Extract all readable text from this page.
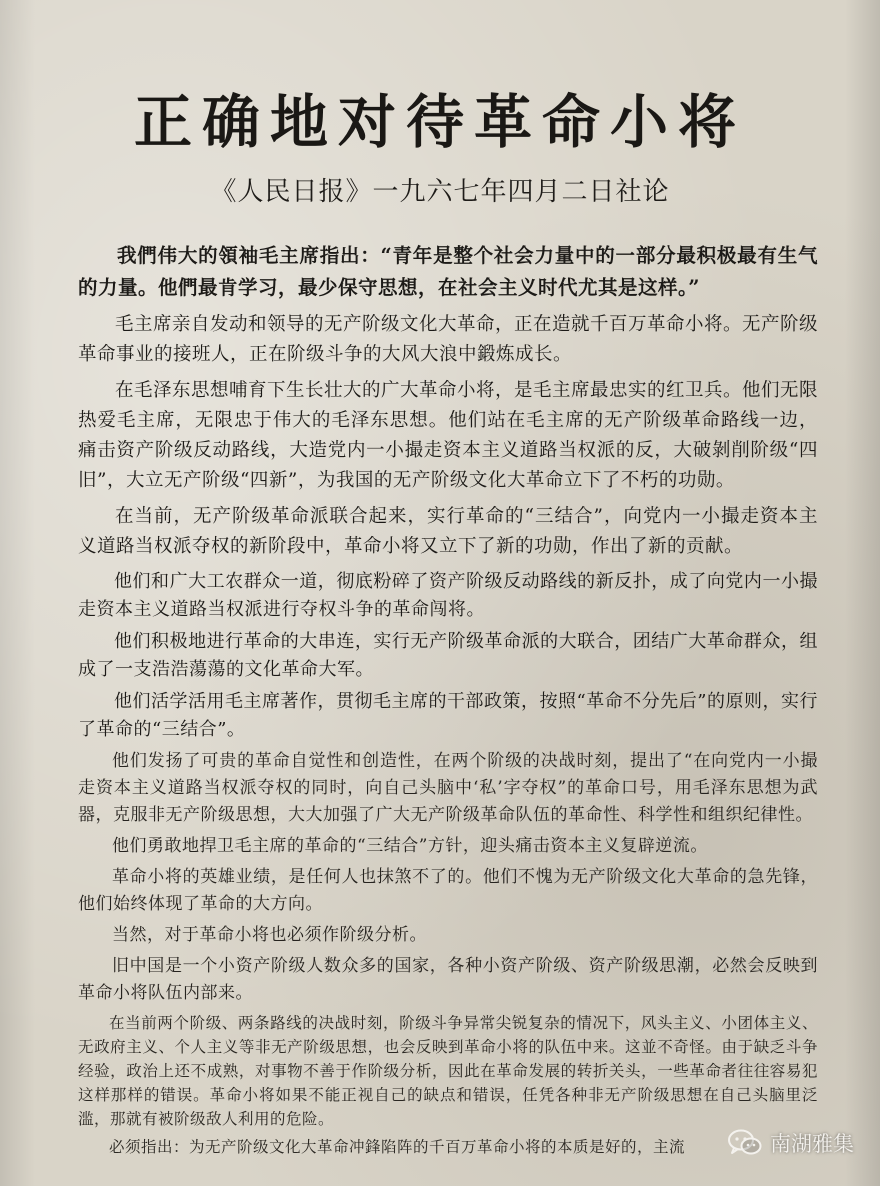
正确地对待革命小将
《人民日报》一九六七年四月二日社论

我們伟大的領袖毛主席指出：“青年是整个社会力量中的一部分最积极最有生气的力量。他們最肯学习，最少保守思想，在社会主义时代尤其是这样。”

毛主席亲自发动和领导的无产阶级文化大革命，正在造就千百万革命小将。无产阶级革命事业的接班人，正在阶级斗争的大风大浪中鍛炼成长。

在毛泽东思想哺育下生长壮大的广大革命小将，是毛主席最忠实的红卫兵。他们无限热爱毛主席，无限忠于伟大的毛泽东思想。他们站在毛主席的无产阶级革命路线一边，痛击资产阶级反动路线，大造党内一小撮走资本主义道路当权派的反，大破剝削阶级“四旧”，大立无产阶级“四新”，为我国的无产阶级文化大革命立下了不朽的功勋。

在当前，无产阶级革命派联合起来，实行革命的“三结合”，向党内一小撮走资本主义道路当权派夺权的新阶段中，革命小将又立下了新的功勋，作出了新的贡献。

他们和广大工农群众一道，彻底粉碎了资产阶级反动路线的新反扑，成了向党内一小撮走资本主义道路当权派进行夺权斗争的革命闯将。

他们积极地进行革命的大串连，实行无产阶级革命派的大联合，团结广大革命群众，组成了一支浩浩蕩蕩的文化革命大军。

他们活学活用毛主席著作，贯彻毛主席的干部政策，按照“革命不分先后”的原则，实行了革命的“三结合”。

他们发扬了可贵的革命自觉性和创造性，在两个阶级的决战时刻，提出了“在向党内一小撮走资本主义道路当权派夺权的同时，向自己头脑中‘私’字夺权”的革命口号，用毛泽东思想为武器，克服非无产阶级思想，大大加强了广大无产阶级革命队伍的革命性、科学性和组织纪律性。

他们勇敢地捍卫毛主席的革命的“三结合”方针，迎头痛击资本主义复辟逆流。

革命小将的英雄业绩，是任何人也抹煞不了的。他们不愧为无产阶级文化大革命的急先锋，他们始终体现了革命的大方向。

当然，对于革命小将也必须作阶级分析。

旧中国是一个小资产阶级人数众多的国家，各种小资产阶级、资产阶级思潮，必然会反映到革命小将队伍内部来。

在当前两个阶级、两条路线的决战时刻，阶级斗争异常尖锐复杂的情况下，风头主义、小团体主义、无政府主义、个人主义等非无产阶级思想，也会反映到革命小将的队伍中来。这並不奇怪。由于缺乏斗争经验，政治上还不成熟，对事物不善于作阶级分析，因此在革命发展的转折关头，一些革命者往往容易犯这样那样的错误。革命小将如果不能正视自己的缺点和错误，任凭各种非无产阶级思想在自己头脑里泛滥，那就有被阶级敌人利用的危险。

必须指出：为无产阶级文化大革命冲鋒陷阵的千百万革命小将的本质是好的，主流	南湖雅集
